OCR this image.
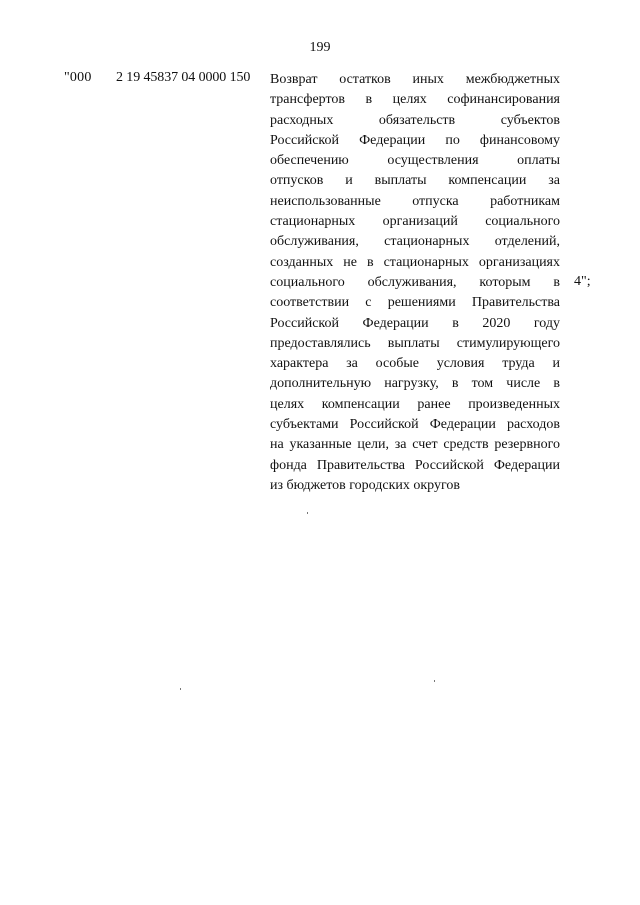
199
"000 2 19 45837 04 0000 150 Возврат остатков иных межбюджетных
трансфертов в целях софинансирования
расходных обязательств субъектов
Российской Федерации по финансовому
обеспечению осуществления оплаты
отпусков и выплаты компенсации за
неиспользованные отпуска работникам
стационарных организаций социального
обслуживания, стационарных отделений,
созданных не в стационарных организациях
социального обслуживания, которым в
соответствии с решениями Правительства
Российской Федерации в 2020 году
предоставлялись выплаты стимулирующего
характера за особые условия труда и
дополнительную нагрузку, в том числе в
целях компенсации ранее произведенных
субъектами Российской Федерации расходов
на указанные цели, за счет средств резервного
фонда Правительства Российской Федерации
из бюджетов городских округов
4";
